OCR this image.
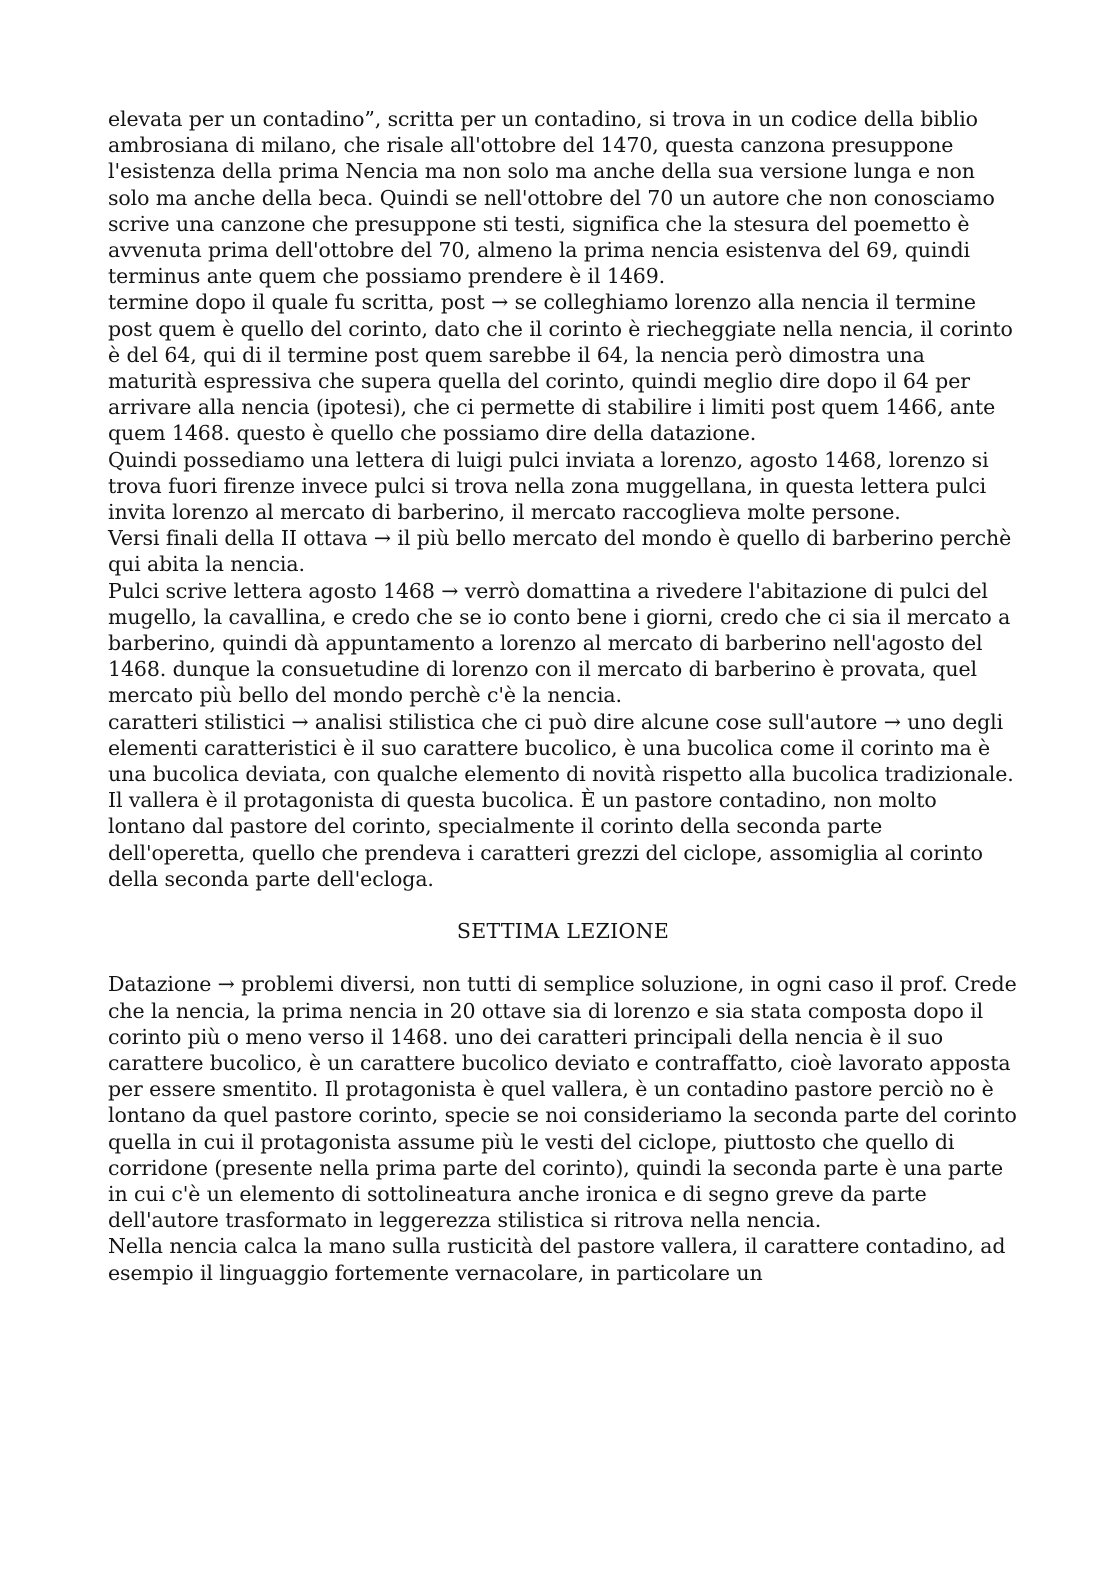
elevata per un contadino”, scritta per un contadino, si trova in un codice della biblio ambrosiana di milano, che risale all'ottobre del 1470, questa canzona presuppone l'esistenza della prima Nencia ma non solo ma anche della sua versione lunga e non solo ma anche della beca. Quindi se nell'ottobre del 70 un autore che non conosciamo scrive una canzone che presuppone sti testi, significa che la stesura del poemetto è avvenuta prima dell'ottobre del 70, almeno la prima nencia esistenva del 69, quindi terminus ante quem che possiamo prendere è il 1469.

termine dopo il quale fu scritta, post → se colleghiamo lorenzo alla nencia il termine post quem è quello del corinto, dato che il corinto è riecheggiate nella nencia, il corinto è del 64, qui di il termine post quem sarebbe il 64, la nencia però dimostra una maturità espressiva che supera quella del corinto, quindi meglio dire dopo il 64 per arrivare alla nencia (ipotesi), che ci permette di stabilire i limiti post quem 1466, ante quem 1468. questo è quello che possiamo dire della datazione.

Quindi possediamo una lettera di luigi pulci inviata a lorenzo, agosto 1468, lorenzo si trova fuori firenze invece pulci si trova nella zona muggellana, in questa lettera pulci invita lorenzo al mercato di barberino, il mercato raccoglieva molte persone.

Versi finali della II ottava → il più bello mercato del mondo è quello di barberino perchè qui abita la nencia.

Pulci scrive lettera agosto 1468 → verrò domattina a rivedere l'abitazione di pulci del mugello, la cavallina, e credo che se io conto bene i giorni, credo che ci sia il mercato a barberino, quindi dà appuntamento a lorenzo al mercato di barberino nell'agosto del 1468. dunque la consuetudine di lorenzo con il mercato di barberino è provata, quel mercato più bello del mondo perchè c'è la nencia.

caratteri stilistici → analisi stilistica che ci può dire alcune cose sull'autore → uno degli elementi caratteristici è il suo carattere bucolico, è una bucolica come il corinto ma è una bucolica deviata, con qualche elemento di novità rispetto alla bucolica tradizionale. Il vallera è il protagonista di questa bucolica. È un pastore contadino, non molto lontano dal pastore del corinto, specialmente il corinto della seconda parte dell'operetta, quello che prendeva i caratteri grezzi del ciclope, assomiglia al corinto della seconda parte dell'ecloga.

SETTIMA LEZIONE

Datazione → problemi diversi, non tutti di semplice soluzione, in ogni caso il prof. Crede che la nencia, la prima nencia in 20 ottave sia di lorenzo e sia stata composta dopo il corinto più o meno verso il 1468. uno dei caratteri principali della nencia è il suo carattere bucolico, è un carattere bucolico deviato e contraffatto, cioè lavorato apposta per essere smentito. Il protagonista è quel vallera, è un contadino pastore perciò no è lontano da quel pastore corinto, specie se noi consideriamo la seconda parte del corinto quella in cui il protagonista assume più le vesti del ciclope, piuttosto che quello di corridone (presente nella prima parte del corinto), quindi la seconda parte è una parte in cui c'è un elemento di sottolineatura anche ironica e di segno greve da parte dell'autore trasformato in leggerezza stilistica si ritrova nella nencia.

Nella nencia calca la mano sulla rusticità del pastore vallera, il carattere contadino, ad esempio il linguaggio fortemente vernacolare, in particolare un
